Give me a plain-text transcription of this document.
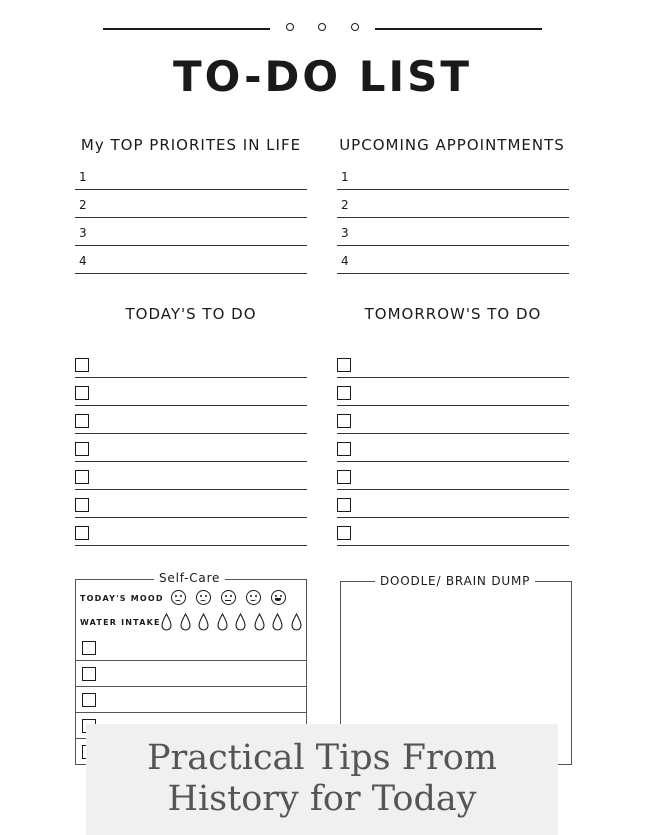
TO-DO LIST
My TOP PRIORITES IN LIFE
1
2
3
4
UPCOMING APPOINTMENTS
1
2
3
4
TODAY'S TO DO	TOMORROW'S TO DO
Self-Care
TODAY'S MOOD
WATER INTAKE
DOODLE/ BRAIN DUMP
Practical Tips From
History for Today
